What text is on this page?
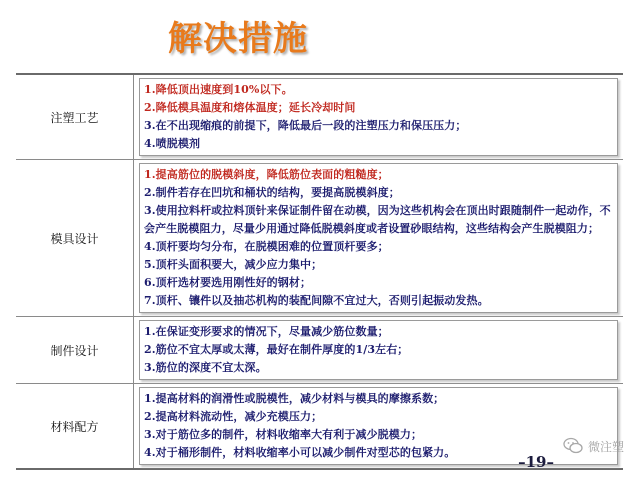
解决措施
注塑工艺
1.降低顶出速度到10%以下。
2.降低模具温度和熔体温度；延长冷却时间
3.在不出现缩痕的前提下，降低最后一段的注塑压力和保压压力；
4.喷脱模剂
模具设计
1.提高筋位的脱模斜度，降低筋位表面的粗糙度；
2.制件若存在凹坑和桶状的结构，要提高脱模斜度；
3.使用拉料杆或拉料顶针来保证制件留在动模，因为这些机构会在顶出时跟随制件一起动作，不会产生脱模阻力，尽量少用通过降低脱模斜度或者设置砂眼结构，这些结构会产生脱模阻力；
4.顶杆要均匀分布，在脱模困难的位置顶杆要多；
5.顶杆头面积要大，减少应力集中；
6.顶杆选材要选用刚性好的钢材；
7.顶杆、镶件以及抽芯机构的装配间隙不宜过大，否则引起振动发热。
制件设计
1.在保证变形要求的情况下，尽量减少筋位数量；
2.筋位不宜太厚或太薄，最好在制件厚度的1/3左右；
3.筋位的深度不宜太深。
材料配方
1.提高材料的润滑性或脱模性，减少材料与模具的摩擦系数；
2.提高材料流动性，减少充模压力；
3.对于筋位多的制件，材料收缩率大有利于减少脱模力；
4.对于桶形制件，材料收缩率小可以减少制件对型芯的包紧力。	微注塑
–19–
